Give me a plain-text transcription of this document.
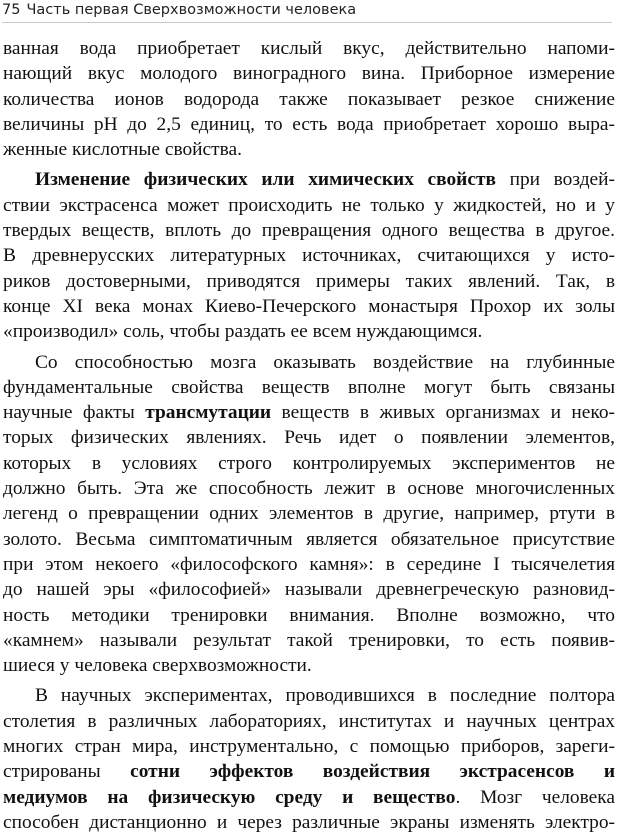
75 Часть первая Сверхвозможности человека
ванная вода приобретает кислый вкус, действительно напоми-
нающий вкус молодого виноградного вина. Приборное измерение
количества ионов водорода также показывает резкое снижение
величины pH до 2,5 единиц, то есть вода приобретает хорошо выра-
женные кислотные свойства.
Изменение физических или химических свойств при воздей-
ствии экстрасенса может происходить не только у жидкостей, но и у
твердых веществ, вплоть до превращения одного вещества в другое.
В древнерусских литературных источниках, считающихся у исто-
риков достоверными, приводятся примеры таких явлений. Так, в
конце XI века монах Киево-Печерского монастыря Прохор их золы
«производил» соль, чтобы раздать ее всем нуждающимся.
Со способностью мозга оказывать воздействие на глубинные
фундаментальные свойства веществ вполне могут быть связаны
научные факты трансмутации веществ в живых организмах и неко-
торых физических явлениях. Речь идет о появлении элементов,
которых в условиях строго контролируемых экспериментов не
должно быть. Эта же способность лежит в основе многочисленных
легенд о превращении одних элементов в другие, например, ртути в
золото. Весьма симптоматичным является обязательное присутствие
при этом некоего «философского камня»: в середине I тысячелетия
до нашей эры «философией» называли древнегреческую разновид-
ность методики тренировки внимания. Вполне возможно, что
«камнем» называли результат такой тренировки, то есть появив-
шиеся у человека сверхвозможности.
В научных экспериментах, проводившихся в последние полтора
столетия в различных лабораториях, институтах и научных центрах
многих стран мира, инструментально, с помощью приборов, зареги-
стрированы сотни эффектов воздействия экстрасенсов и
медиумов на физическую среду и вещество. Мозг человека
способен дистанционно и через различные экраны изменять электро-
